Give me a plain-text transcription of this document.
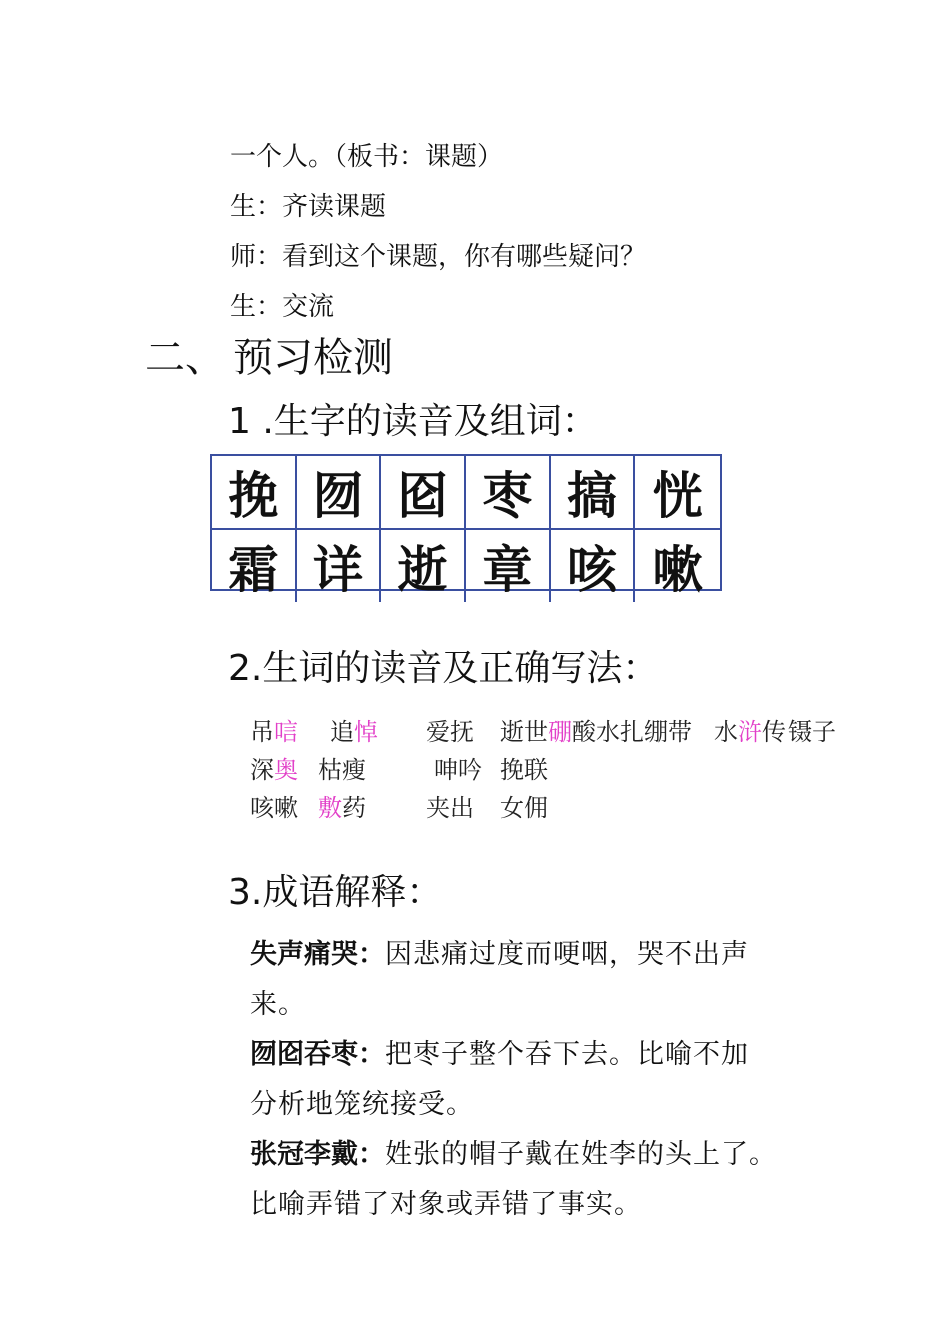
一个人。（板书：课题）
生：齐读课题
师：看到这个课题，你有哪些疑问？
生：交流
二、 预习检测
1 .生字的读音及组词：
挽 囫 囵 枣 搞 恍
霜 详 逝 章 咳 嗽
2.生词的读音及正确写法：
吊唁 追悼 爱抚 逝世硼酸水 扎绷带 水浒传 镊子
深奥 枯瘦	呻吟 挽联
咳嗽 敷药	夹出 女佣
3.成语解释：
失声痛哭：因悲痛过度而哽咽，哭不出声
来。
囫囵吞枣：把枣子整个吞下去。比喻不加
分析地笼统接受。
张冠李戴：姓张的帽子戴在姓李的头上了。
比喻弄错了对象或弄错了事实。
